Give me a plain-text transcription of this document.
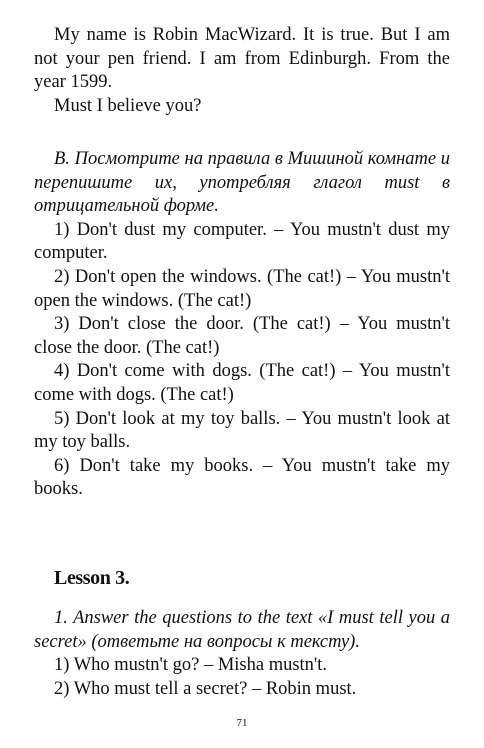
My name is Robin MacWizard. It is true. But I am not your pen friend. I am from Edinburgh. From the year 1599.

Must I believe you?

B. Посмотрите на правила в Мишиной комнате и перепишите их, употребляя глагол must в отрицательной форме.

1) Don't dust my computer. – You mustn't dust my computer.

2) Don't open the windows. (The cat!) – You mustn't open the windows. (The cat!)

3) Don't close the door. (The cat!) – You mustn't close the door. (The cat!)

4) Don't come with dogs. (The cat!) – You mustn't come with dogs. (The cat!)

5) Don't look at my toy balls. – You mustn't look at my toy balls.

6) Don't take my books. – You mustn't take my books.

Lesson 3.

1. Answer the questions to the text «I must tell you a secret» (ответьте на вопросы к тексту).

1) Who mustn't go? – Misha mustn't.

2) Who must tell a secret? – Robin must.

71
